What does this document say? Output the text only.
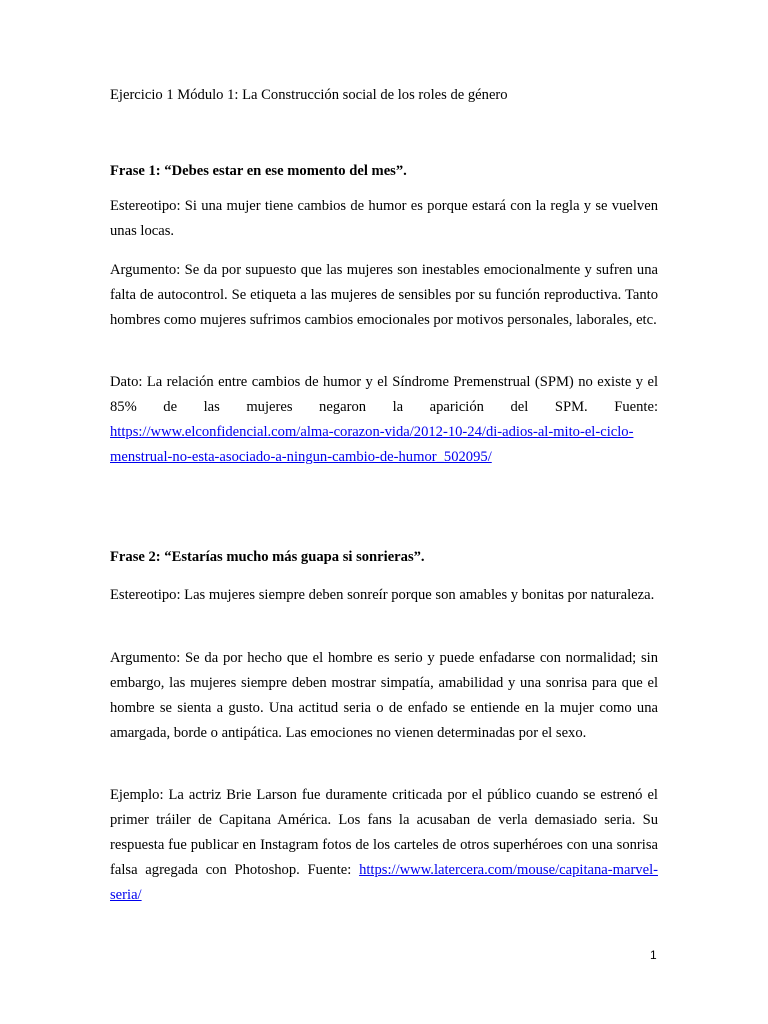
Ejercicio 1 Módulo 1: La Construcción social de los roles de género

Frase 1: “Debes estar en ese momento del mes”.

Estereotipo: Si una mujer tiene cambios de humor es porque estará con la regla y se vuelven unas locas.

Argumento: Se da por supuesto que las mujeres son inestables emocionalmente y sufren una falta de autocontrol. Se etiqueta a las mujeres de sensibles por su función reproductiva. Tanto hombres como mujeres sufrimos cambios emocionales por motivos personales, laborales, etc.

Dato: La relación entre cambios de humor y el Síndrome Premenstrual (SPM) no existe y el 85% de las mujeres negaron la aparición del SPM. Fuente: https://www.elconfidencial.com/alma-corazon-vida/2012-10-24/di-adios-al-mito-el-ciclo-menstrual-no-esta-asociado-a-ningun-cambio-de-humor_502095/

Frase 2: “Estarías mucho más guapa si sonrieras”.

Estereotipo: Las mujeres siempre deben sonreír porque son amables y bonitas por naturaleza.

Argumento: Se da por hecho que el hombre es serio y puede enfadarse con normalidad; sin embargo, las mujeres siempre deben mostrar simpatía, amabilidad y una sonrisa para que el hombre se sienta a gusto. Una actitud seria o de enfado se entiende en la mujer como una amargada, borde o antipática. Las emociones no vienen determinadas por el sexo.

Ejemplo: La actriz Brie Larson fue duramente criticada por el público cuando se estrenó el primer tráiler de Capitana América. Los fans la acusaban de verla demasiado seria. Su respuesta fue publicar en Instagram fotos de los carteles de otros superhéroes con una sonrisa falsa agregada con Photoshop. Fuente: https://www.latercera.com/mouse/capitana-marvel-seria/

1
